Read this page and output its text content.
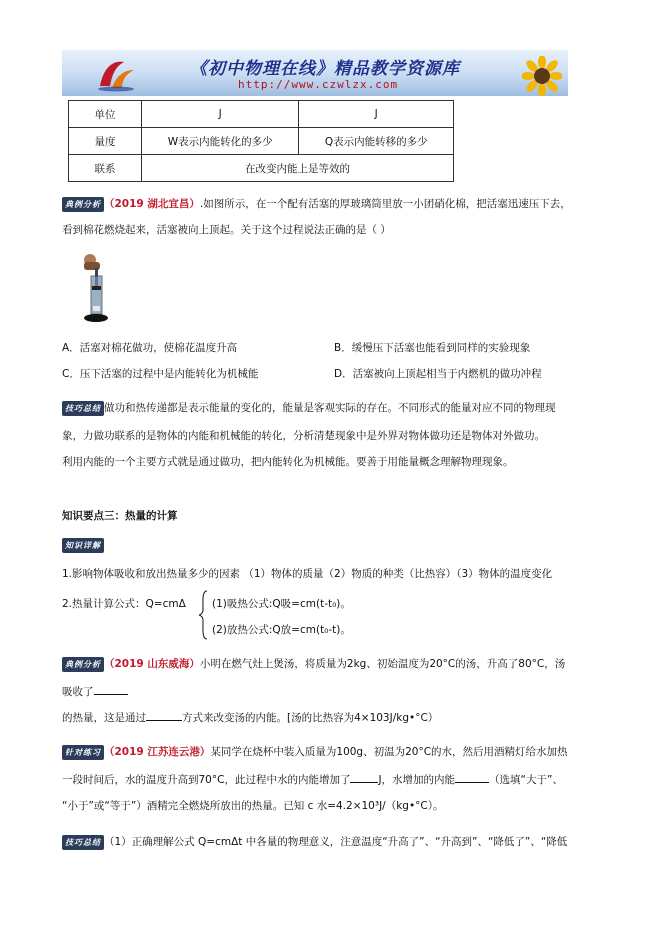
《初中物理在线》精品教学资源库
http://www.czwlzx.com
单位	J	J
量度	W表示内能转化的多少	Q表示内能转移的多少
联系	在改变内能上是等效的	
典例分析 （2019 湖北宜昌）.如图所示，在一个配有活塞的厚玻璃筒里放一小团硝化棉，把活塞迅速压下去，
看到棉花燃烧起来，活塞被向上顶起。关于这个过程说法正确的是（ ）
A．活塞对棉花做功，使棉花温度升高	B．缓慢压下活塞也能看到同样的实验现象
C．压下活塞的过程中是内能转化为机械能	D．活塞被向上顶起相当于内燃机的做功冲程
技巧总结 做功和热传递都是表示能量的变化的，能量是客观实际的存在。不同形式的能量对应不同的物理现
象，力做功联系的是物体的内能和机械能的转化，分析清楚现象中是外界对物体做功还是物体对外做功。
利用内能的一个主要方式就是通过做功，把内能转化为机械能。要善于用能量概念理解物理现象。
知识要点三：热量的计算
知识详解
1.影响物体吸收和放出热量多少的因素 （1）物体的质量（2）物质的种类（比热容）（3）物体的温度变化
2.热量计算公式：Q=cmΔ (1)吸热公式:Q吸=cm(t-t₀)。
(2)放热公式:Q放=cm(t₀-t)。
典例分析 （2019 山东威海）小明在燃气灶上煲汤，将质量为2kg、初始温度为20°C的汤，升高了80°C，汤
吸收了
的热量，这是通过	方式来改变汤的内能。[汤的比热容为4×103J/kg•°C）
针对练习 （2019 江苏连云港）某同学在烧杯中装入质量为100g、初温为20°C的水，然后用酒精灯给水加热
一段时间后，水的温度升高到70°C，此过程中水的内能增加了	J，水增加的内能	（选填“大于”、
“小于”或“等于”）酒精完全燃烧所放出的热量。已知 c 水=4.2×10³J/（kg•°C）。
技巧总结 （1）正确理解公式 Q=cmΔt 中各量的物理意义，注意温度“升高了”、“升高到”、“降低了”、“降低
